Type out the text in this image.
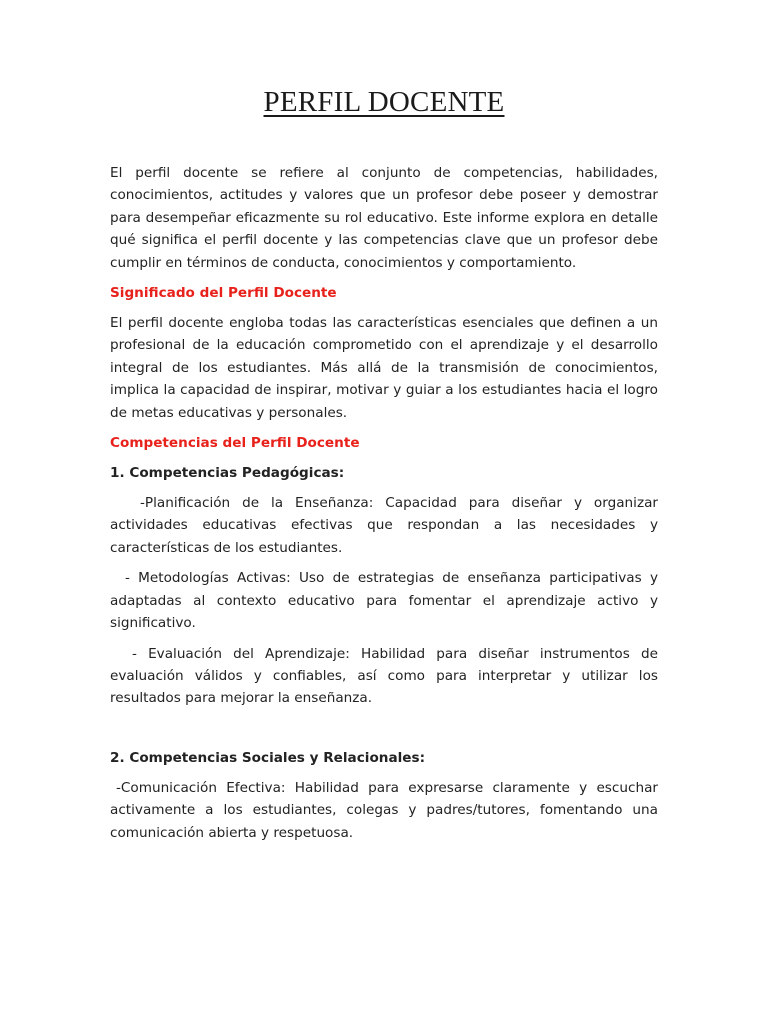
PERFIL DOCENTE

El perfil docente se refiere al conjunto de competencias, habilidades, conocimientos, actitudes y valores que un profesor debe poseer y demostrar para desempeñar eficazmente su rol educativo. Este informe explora en detalle qué significa el perfil docente y las competencias clave que un profesor debe cumplir en términos de conducta, conocimientos y comportamiento.

Significado del Perfil Docente

El perfil docente engloba todas las características esenciales que definen a un profesional de la educación comprometido con el aprendizaje y el desarrollo integral de los estudiantes. Más allá de la transmisión de conocimientos, implica la capacidad de inspirar, motivar y guiar a los estudiantes hacia el logro de metas educativas y personales.

Competencias del Perfil Docente

1. Competencias Pedagógicas:

-Planificación de la Enseñanza: Capacidad para diseñar y organizar actividades educativas efectivas que respondan a las necesidades y características de los estudiantes.

- Metodologías Activas: Uso de estrategias de enseñanza participativas y adaptadas al contexto educativo para fomentar el aprendizaje activo y significativo.

- Evaluación del Aprendizaje: Habilidad para diseñar instrumentos de evaluación válidos y confiables, así como para interpretar y utilizar los resultados para mejorar la enseñanza.

2. Competencias Sociales y Relacionales:

-Comunicación Efectiva: Habilidad para expresarse claramente y escuchar activamente a los estudiantes, colegas y padres/tutores, fomentando una comunicación abierta y respetuosa.
